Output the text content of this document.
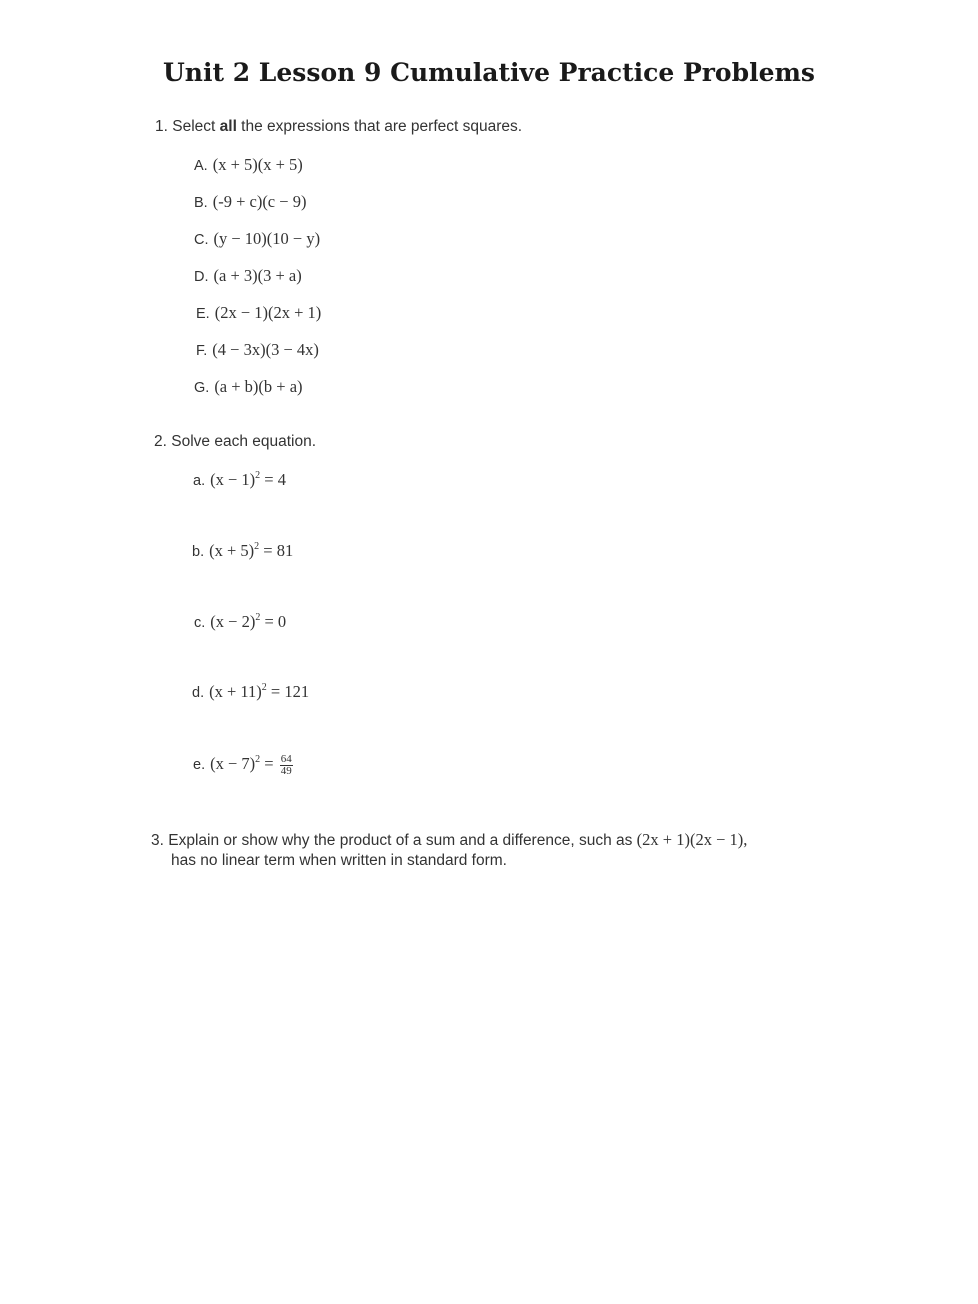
Unit 2 Lesson 9 Cumulative Practice Problems
1. Select all the expressions that are perfect squares.
A. (x + 5)(x + 5)
B. (-9 + c)(c − 9)
C. (y − 10)(10 − y)
D. (a + 3)(3 + a)
E. (2x − 1)(2x + 1)
F. (4 − 3x)(3 − 4x)
G. (a + b)(b + a)
2. Solve each equation.
a. $(x - 1)^2 = 4$
b. $(x + 5)^2 = 81$
c. $(x - 2)^2 = 0$
d. $(x + 11)^2 = 121$
e. $(x - 7)^2 = \frac{64}{49}$
3. Explain or show why the product of a sum and a difference, such as (2x + 1)(2x − 1),
has no linear term when written in standard form.
